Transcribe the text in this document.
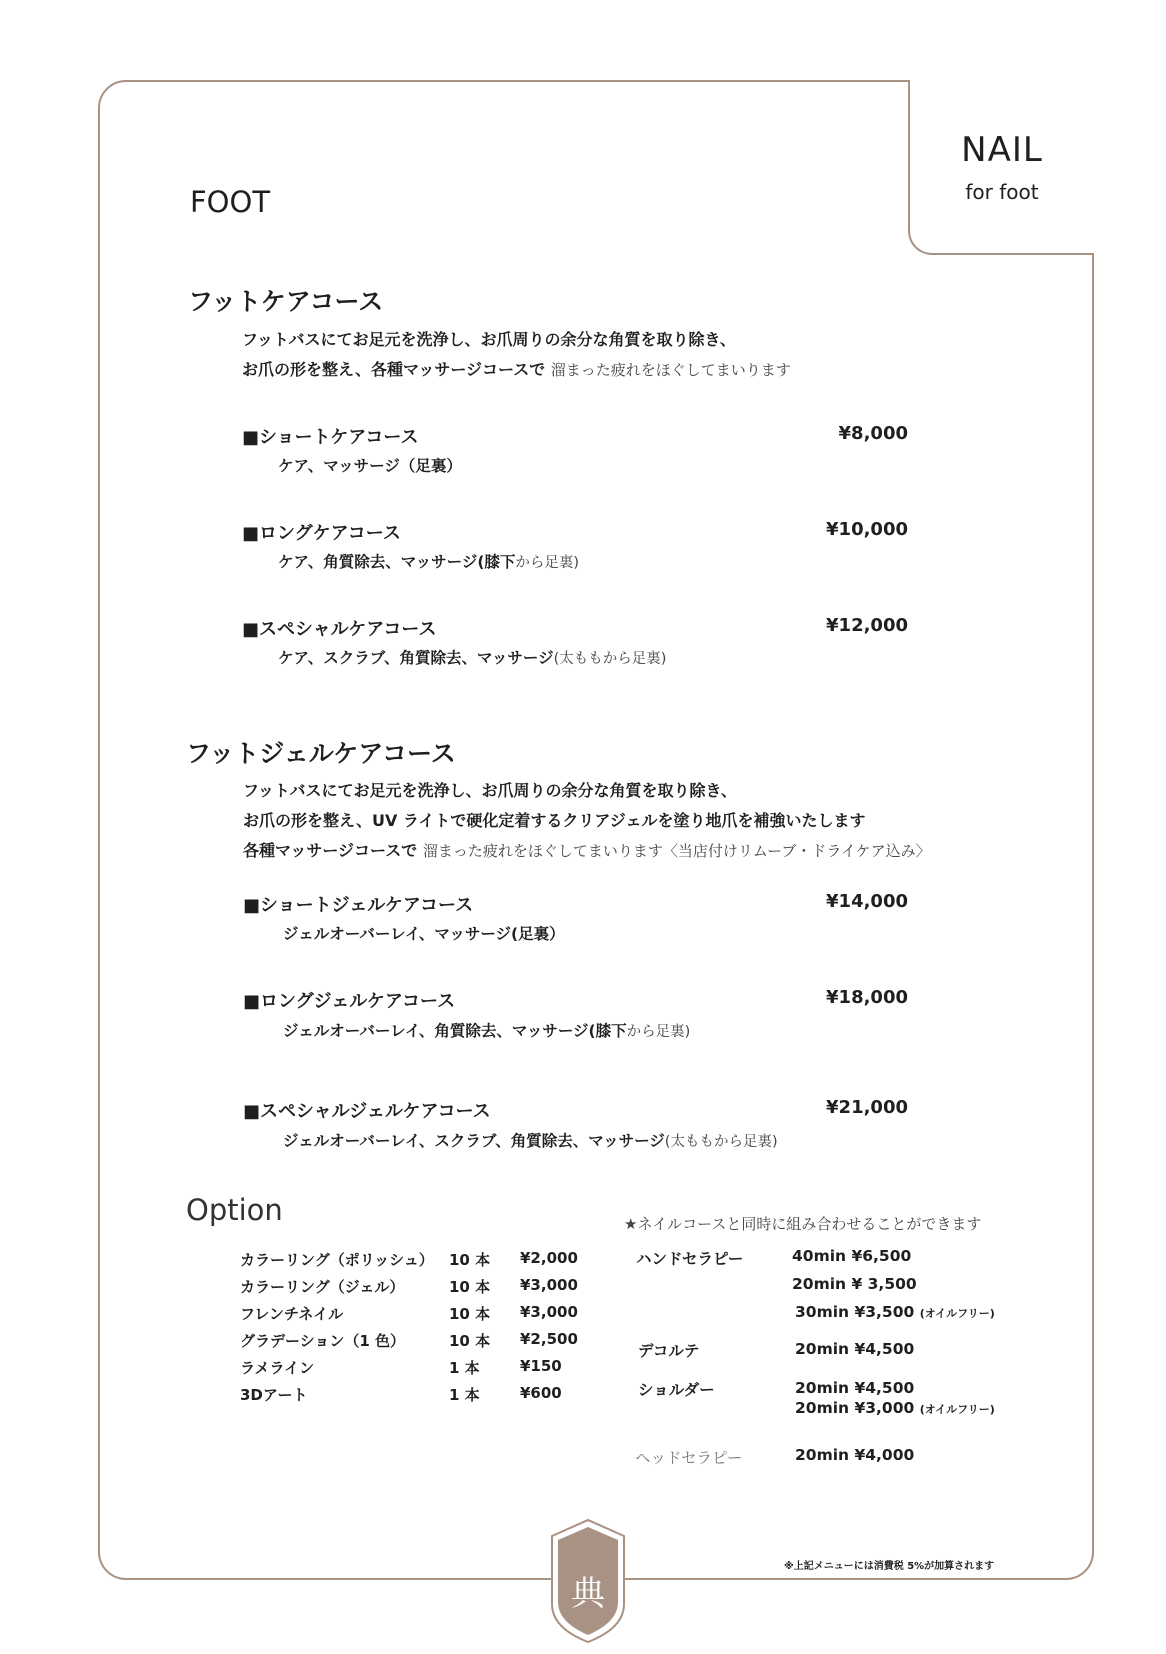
NAIL
for foot
FOOT
フットケアコース
フットバスにてお足元を洗浄し、お爪周りの余分な角質を取り除き、
お爪の形を整え、各種マッサージコースで 溜まった疲れをほぐしてまいります
■ショートケアコース	¥8,000
ケア、マッサージ（足裏）
■ロングケアコース	¥10,000
ケア、角質除去、マッサージ(膝下から足裏)
■スペシャルケアコース	¥12,000
ケア、スクラブ、角質除去、マッサージ(太ももから足裏)
フットジェルケアコース
フットバスにてお足元を洗浄し、お爪周りの余分な角質を取り除き、
お爪の形を整え、UV ライトで硬化定着するクリアジェルを塗り地爪を補強いたします
各種マッサージコースで 溜まった疲れをほぐしてまいります〈当店付けリムーブ・ドライケア込み〉
■ショートジェルケアコース	¥14,000
ジェルオーバーレイ、マッサージ(足裏）
■ロングジェルケアコース	¥18,000
ジェルオーバーレイ、角質除去、マッサージ(膝下から足裏)
■スペシャルジェルケアコース	¥21,000
ジェルオーバーレイ、スクラブ、角質除去、マッサージ(太ももから足裏)
Option
カラーリング（ポリッシュ） 10 本 ¥2,000
カラーリング（ジェル）	10 本 ¥3,000
フレンチネイル	10 本 ¥3,000
グラデーション（1 色）	10 本 ¥2,500
ラメライン	1 本	¥150
3Dアート	1 本	¥600
★ネイルコースと同時に組み合わせることができます
ハンドセラピー	40min ¥6,500
20min ¥ 3,500
30min ¥3,500 (オイルフリー)
デコルテ	20min ¥4,500
ショルダー	20min ¥4,500
20min ¥3,000 (オイルフリー)
ヘッドセラピー	20min ¥4,000
※上記メニューには消費税 5%が加算されます
典
